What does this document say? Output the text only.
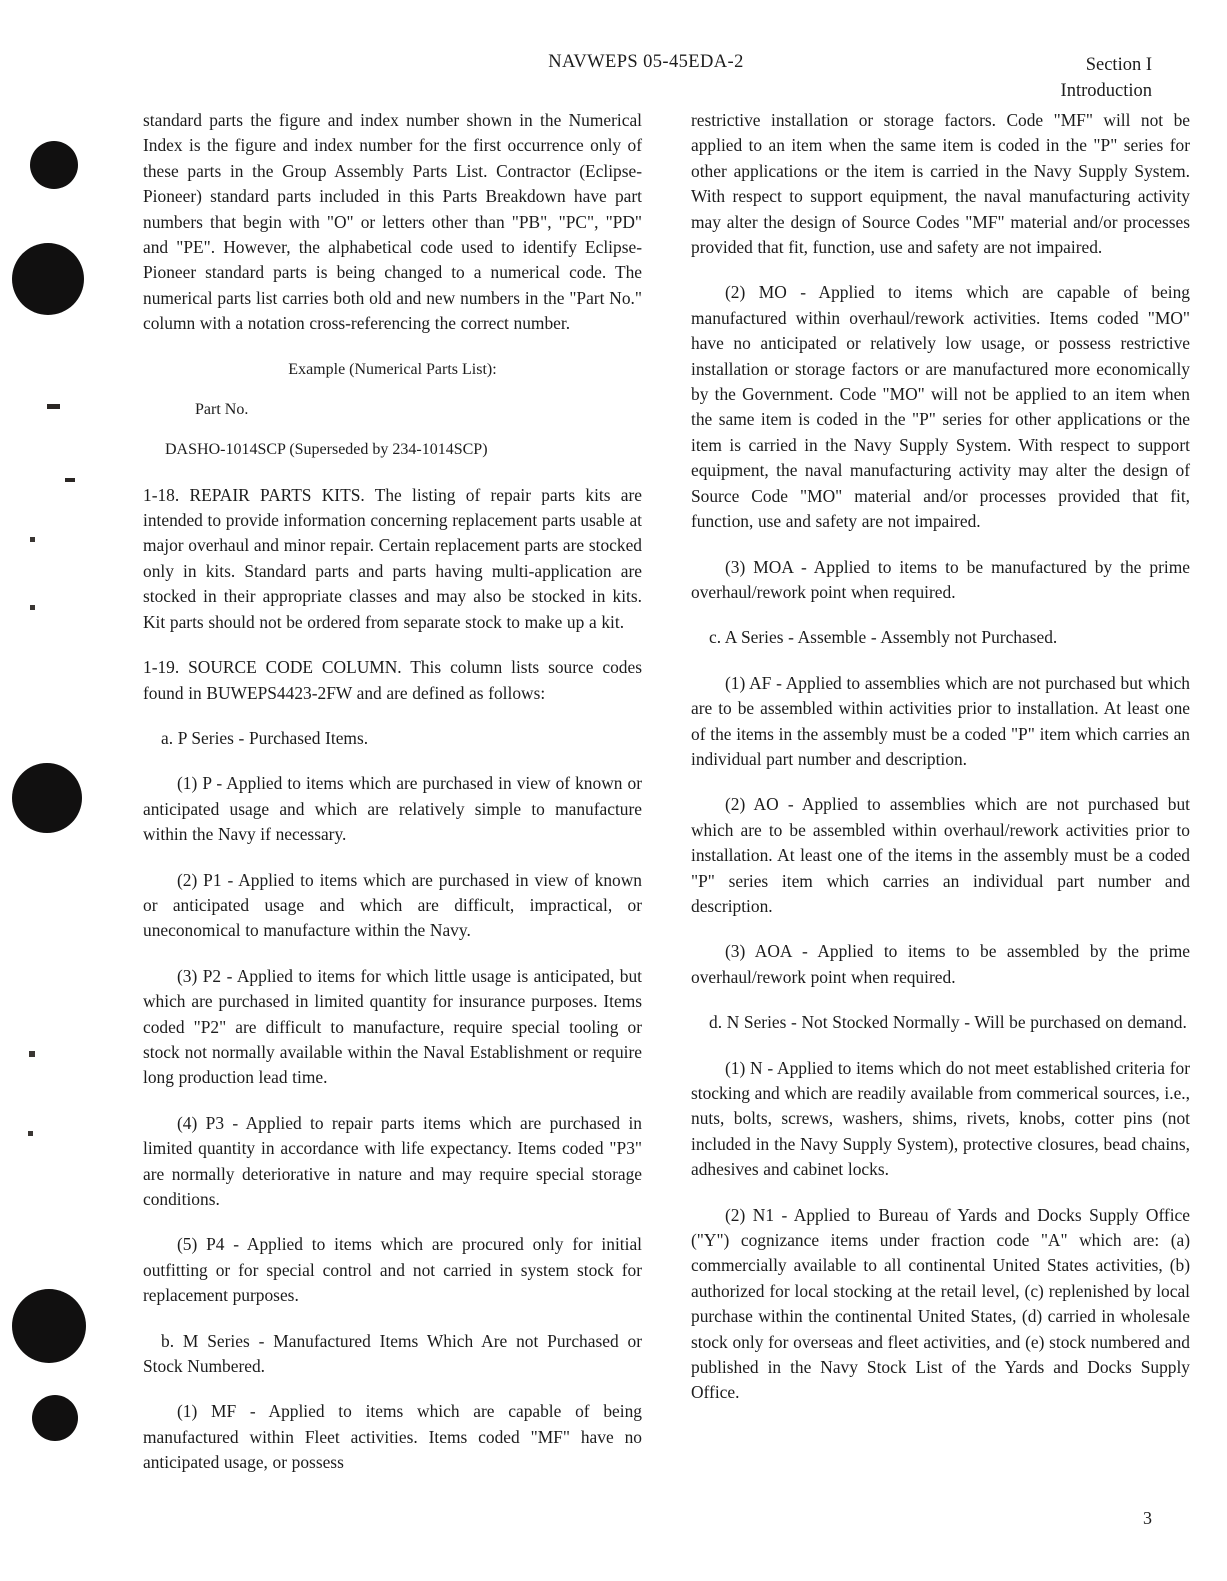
NAVWEPS 05-45EDA-2	Section I
Introduction

standard parts the figure and index number shown in the Numerical Index is the figure and index number for the first occurrence only of these parts in the Group Assembly Parts List. Contractor (Eclipse-Pioneer) standard parts included in this Parts Breakdown have part numbers that begin with "O" or letters other than "PB", "PC", "PD" and "PE". However, the alphabetical code used to identify Eclipse-Pioneer standard parts is being changed to a numerical code. The numerical parts list carries both old and new numbers in the "Part No." column with a notation cross-referencing the correct number.

Example (Numerical Parts List):

Part No.

DASHO-1014SCP (Superseded by 234-1014SCP)

1-18. REPAIR PARTS KITS. The listing of repair parts kits are intended to provide information concerning replacement parts usable at major overhaul and minor repair. Certain replacement parts are stocked only in kits. Standard parts and parts having multi-application are stocked in their appropriate classes and may also be stocked in kits. Kit parts should not be ordered from separate stock to make up a kit.

1-19. SOURCE CODE COLUMN. This column lists source codes found in BUWEPS4423-2FW and are defined as follows:

a. P Series - Purchased Items.

(1) P - Applied to items which are purchased in view of known or anticipated usage and which are relatively simple to manufacture within the Navy if necessary.

(2) P1 - Applied to items which are purchased in view of known or anticipated usage and which are difficult, impractical, or uneconomical to manufacture within the Navy.

(3) P2 - Applied to items for which little usage is anticipated, but which are purchased in limited quantity for insurance purposes. Items coded "P2" are difficult to manufacture, require special tooling or stock not normally available within the Naval Establishment or require long production lead time.

(4) P3 - Applied to repair parts items which are purchased in limited quantity in accordance with life expectancy. Items coded "P3" are normally deteriorative in nature and may require special storage conditions.

(5) P4 - Applied to items which are procured only for initial outfitting or for special control and not carried in system stock for replacement purposes.

b. M Series - Manufactured Items Which Are not Purchased or Stock Numbered.

(1) MF - Applied to items which are capable of being manufactured within Fleet activities. Items coded "MF" have no anticipated usage, or possess

restrictive installation or storage factors. Code "MF" will not be applied to an item when the same item is coded in the "P" series for other applications or the item is carried in the Navy Supply System. With respect to support equipment, the naval manufacturing activity may alter the design of Source Codes "MF" material and/or processes provided that fit, function, use and safety are not impaired.

(2) MO - Applied to items which are capable of being manufactured within overhaul/rework activities. Items coded "MO" have no anticipated or relatively low usage, or possess restrictive installation or storage factors or are manufactured more economically by the Government. Code "MO" will not be applied to an item when the same item is coded in the "P" series for other applications or the item is carried in the Navy Supply System. With respect to support equipment, the naval manufacturing activity may alter the design of Source Code "MO" material and/or processes provided that fit, function, use and safety are not impaired.

(3) MOA - Applied to items to be manufactured by the prime overhaul/rework point when required.

c. A Series - Assemble - Assembly not Purchased.

(1) AF - Applied to assemblies which are not purchased but which are to be assembled within activities prior to installation. At least one of the items in the assembly must be a coded "P" item which carries an individual part number and description.

(2) AO - Applied to assemblies which are not purchased but which are to be assembled within overhaul/rework activities prior to installation. At least one of the items in the assembly must be a coded "P" series item which carries an individual part number and description.

(3) AOA - Applied to items to be assembled by the prime overhaul/rework point when required.

d. N Series - Not Stocked Normally - Will be purchased on demand.

(1) N - Applied to items which do not meet established criteria for stocking and which are readily available from commerical sources, i.e., nuts, bolts, screws, washers, shims, rivets, knobs, cotter pins (not included in the Navy Supply System), protective closures, bead chains, adhesives and cabinet locks.

(2) N1 - Applied to Bureau of Yards and Docks Supply Office ("Y") cognizance items under fraction code "A" which are: (a) commercially available to all continental United States activities, (b) authorized for local stocking at the retail level, (c) replenished by local purchase within the continental United States, (d) carried in wholesale stock only for overseas and fleet activities, and (e) stock numbered and published in the Navy Stock List of the Yards and Docks Supply Office.

3
